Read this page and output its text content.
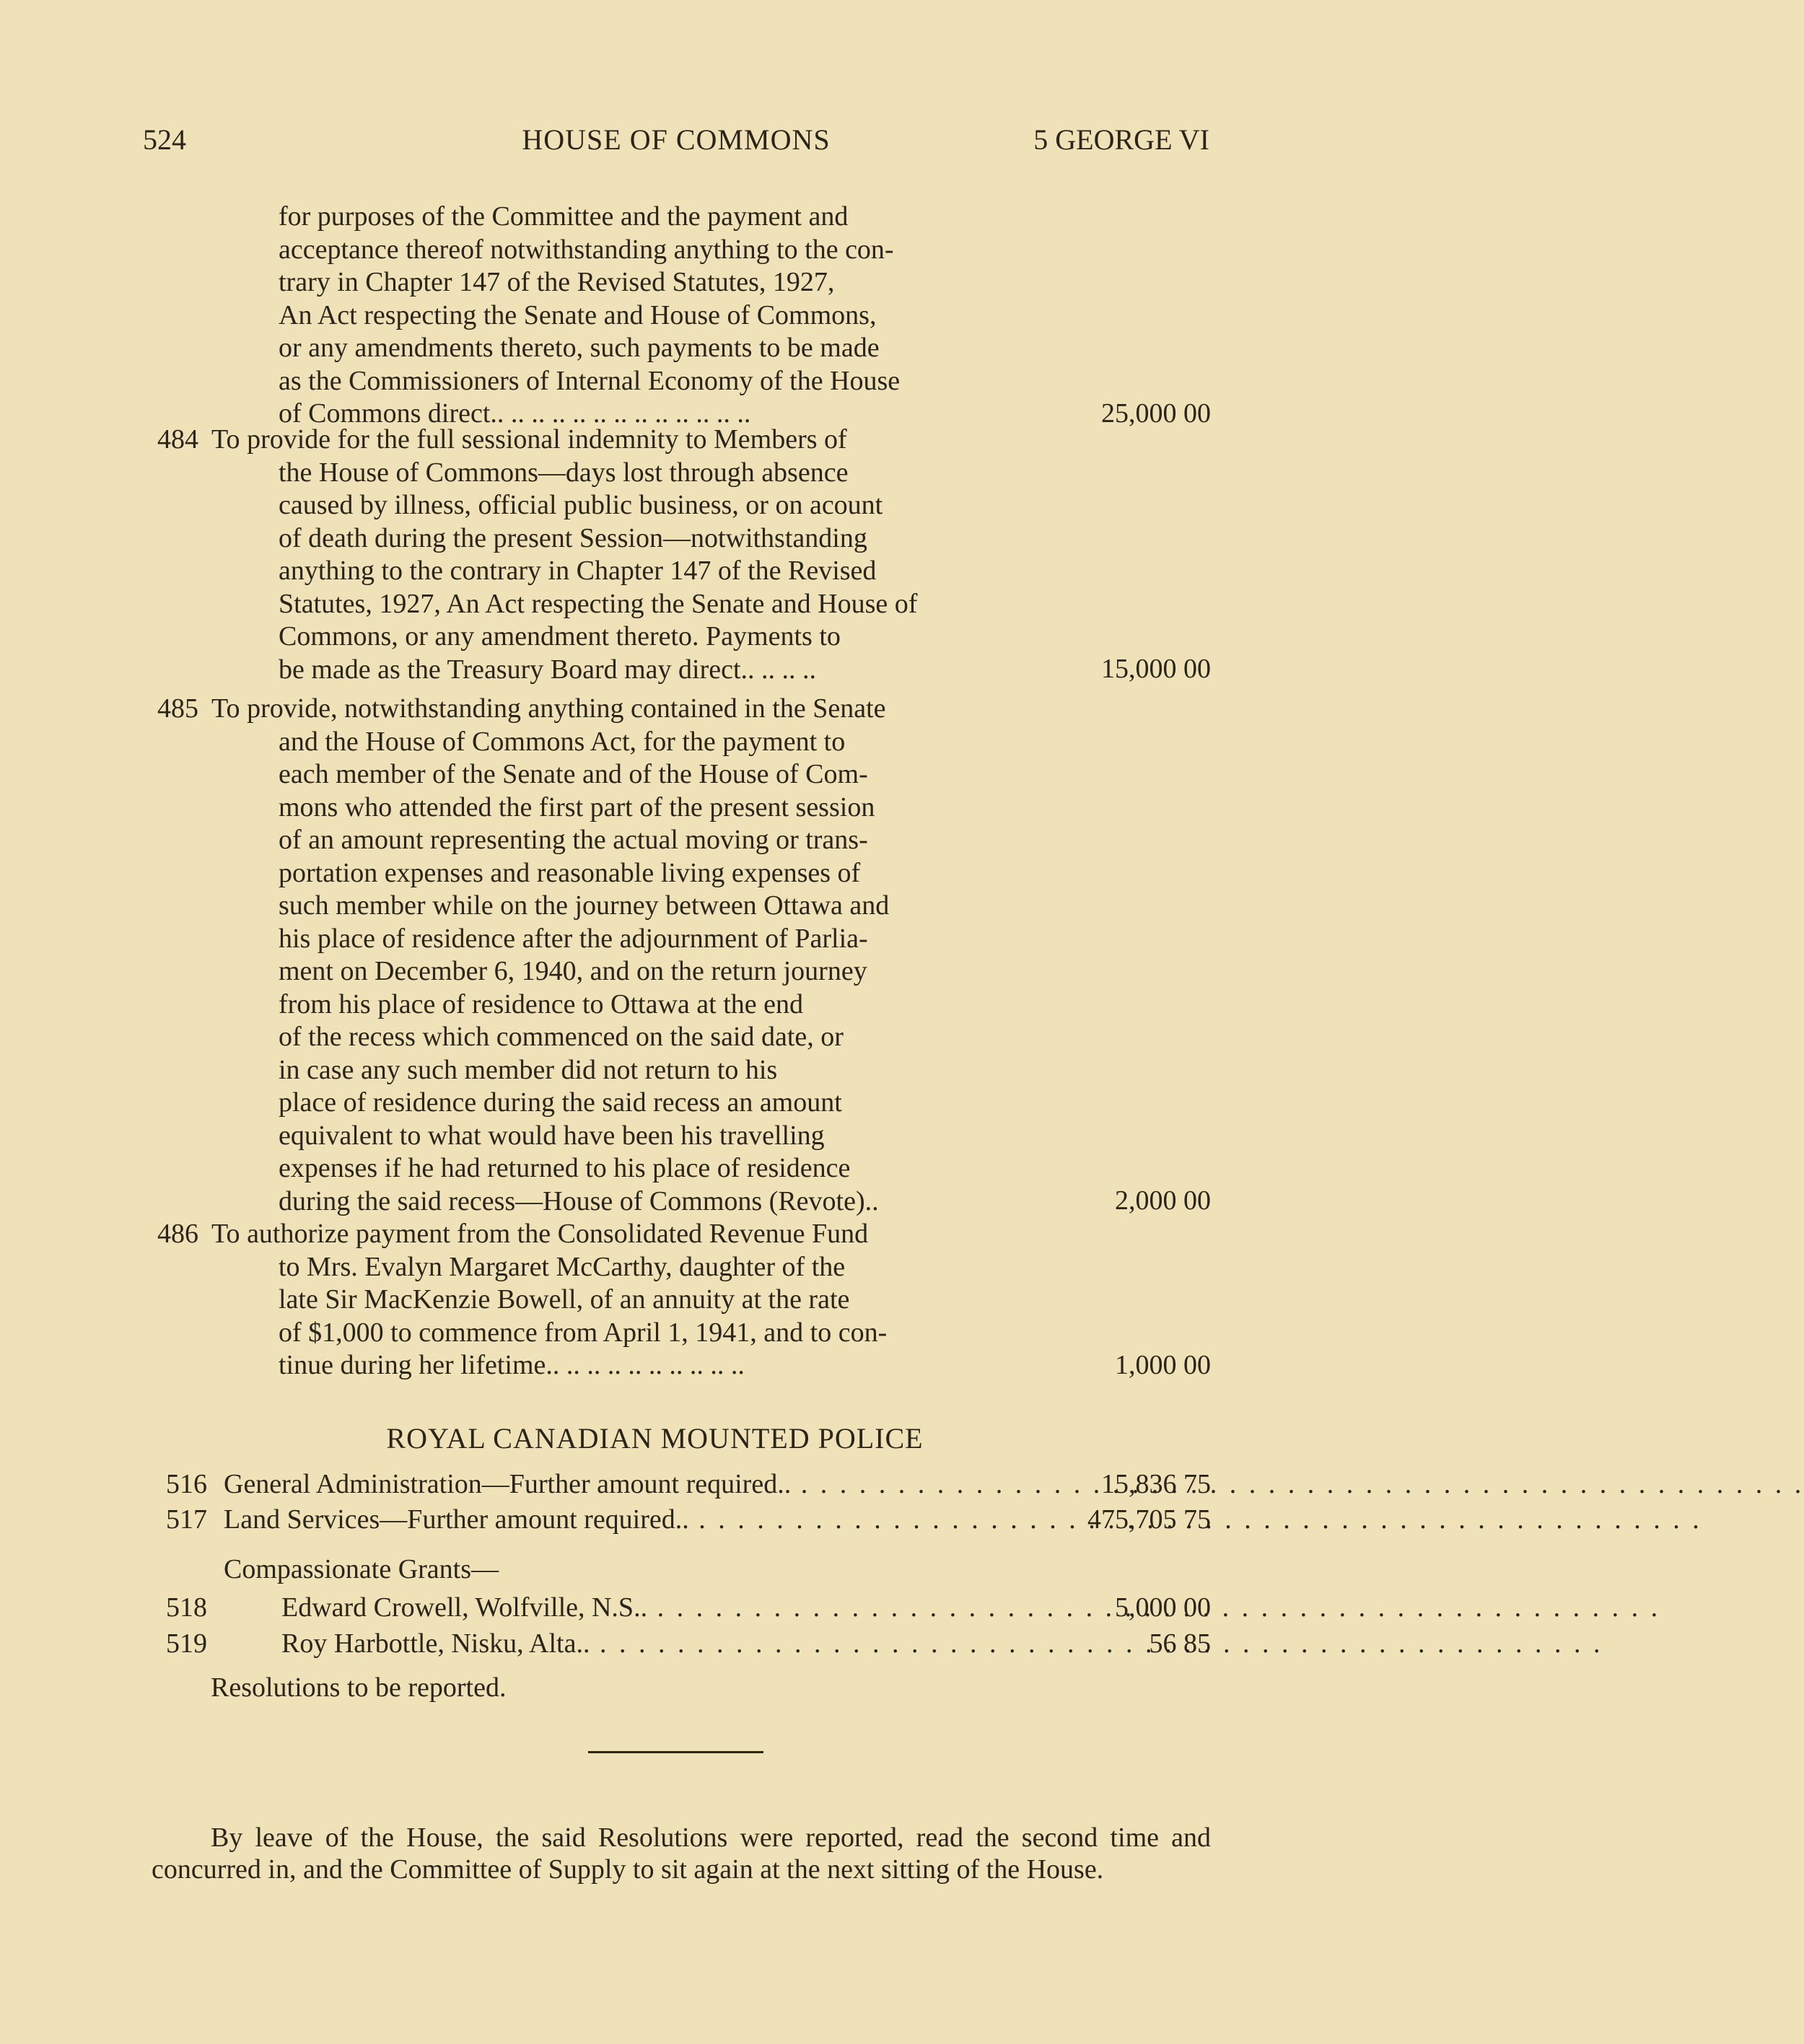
524	HOUSE OF COMMONS	5 GEORGE VI

for purposes of the Committee and the payment and
acceptance thereof notwithstanding anything to the con-
trary in Chapter 147 of the Revised Statutes, 1927,
An Act respecting the Senate and House of Commons,
or any amendments thereto, such payments to be made
as the Commissioners of Internal Economy of the House
of Commons direct.. .. .. .. .. .. .. .. .. .. .. .. ..	25,000 00
484 To provide for the full sessional indemnity to Members of
the House of Commons—days lost through absence
caused by illness, official public business, or on acount
of death during the present Session—notwithstanding
anything to the contrary in Chapter 147 of the Revised
Statutes, 1927, An Act respecting the Senate and House of
Commons, or any amendment thereto. Payments to
be made as the Treasury Board may direct.. .. .. ..	15,000 00
485 To provide, notwithstanding anything contained in the Senate
and the House of Commons Act, for the payment to
each member of the Senate and of the House of Com-
mons who attended the first part of the present session
of an amount representing the actual moving or trans-
portation expenses and reasonable living expenses of
such member while on the journey between Ottawa and
his place of residence after the adjournment of Parlia-
ment on December 6, 1940, and on the return journey
from his place of residence to Ottawa at the end
of the recess which commenced on the said date, or
in case any such member did not return to his
place of residence during the said recess an amount
equivalent to what would have been his travelling
expenses if he had returned to his place of residence
during the said recess—House of Commons (Revote)..	2,000 00
486 To authorize payment from the Consolidated Revenue Fund
to Mrs. Evalyn Margaret McCarthy, daughter of the
late Sir MacKenzie Bowell, of an annuity at the rate
of $1,000 to commence from April 1, 1941, and to con-
tinue during her lifetime.. .. .. .. .. .. .. .. .. ..	1,000 00
ROYAL CANADIAN MOUNTED POLICE
516 General Administration—Further amount required.. . . .	15,836 75
517 Land Services—Further amount required.. . . .	475,705 75
Compassionate Grants—
518	Edward Crowell, Wolfville, N.S.. . . .	5,000 00
519	Roy Harbottle, Nisku, Alta.. . . .	56 85
Resolutions to be reported.

By leave of the House, the said Resolutions were reported, read the second time and concurred in, and the Committee of Supply to sit again at the next sitting of the House.
